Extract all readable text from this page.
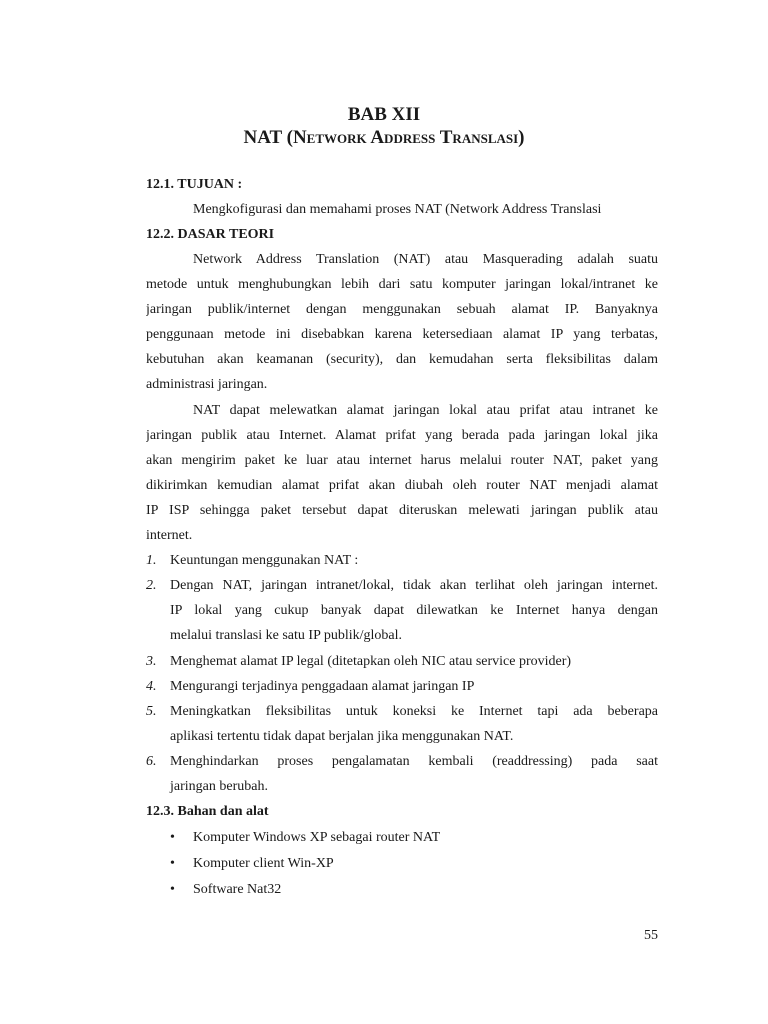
BAB XII
NAT (Network Address Translasi)
12.1. TUJUAN :
Mengkofigurasi dan memahami proses NAT (Network Address Translasi
12.2. DASAR TEORI
Network Address Translation (NAT) atau Masquerading adalah suatu
metode untuk menghubungkan lebih dari satu komputer jaringan lokal/intranet ke
jaringan publik/internet dengan menggunakan sebuah alamat IP. Banyaknya
penggunaan metode ini disebabkan karena ketersediaan alamat IP yang terbatas,
kebutuhan akan keamanan (security), dan kemudahan serta fleksibilitas dalam
administrasi jaringan.
NAT dapat melewatkan alamat jaringan lokal atau prifat atau intranet ke
jaringan publik atau Internet. Alamat prifat yang berada pada jaringan lokal jika
akan mengirim paket ke luar atau internet harus melalui router NAT, paket yang
dikirimkan kemudian alamat prifat akan diubah oleh router NAT menjadi alamat
IP ISP sehingga paket tersebut dapat diteruskan melewati jaringan publik atau
internet.
1. Keuntungan menggunakan NAT :
2. Dengan NAT, jaringan intranet/lokal, tidak akan terlihat oleh jaringan internet.
IP lokal yang cukup banyak dapat dilewatkan ke Internet hanya dengan
melalui translasi ke satu IP publik/global.
3. Menghemat alamat IP legal (ditetapkan oleh NIC atau service provider)
4. Mengurangi terjadinya penggadaan alamat jaringan IP
5. Meningkatkan fleksibilitas untuk koneksi ke Internet tapi ada beberapa
aplikasi tertentu tidak dapat berjalan jika menggunakan NAT.
6. Menghindarkan proses pengalamatan kembali (readdressing) pada saat
jaringan berubah.
12.3. Bahan dan alat
• Komputer Windows XP sebagai router NAT
• Komputer client Win-XP
• Software Nat32
55
